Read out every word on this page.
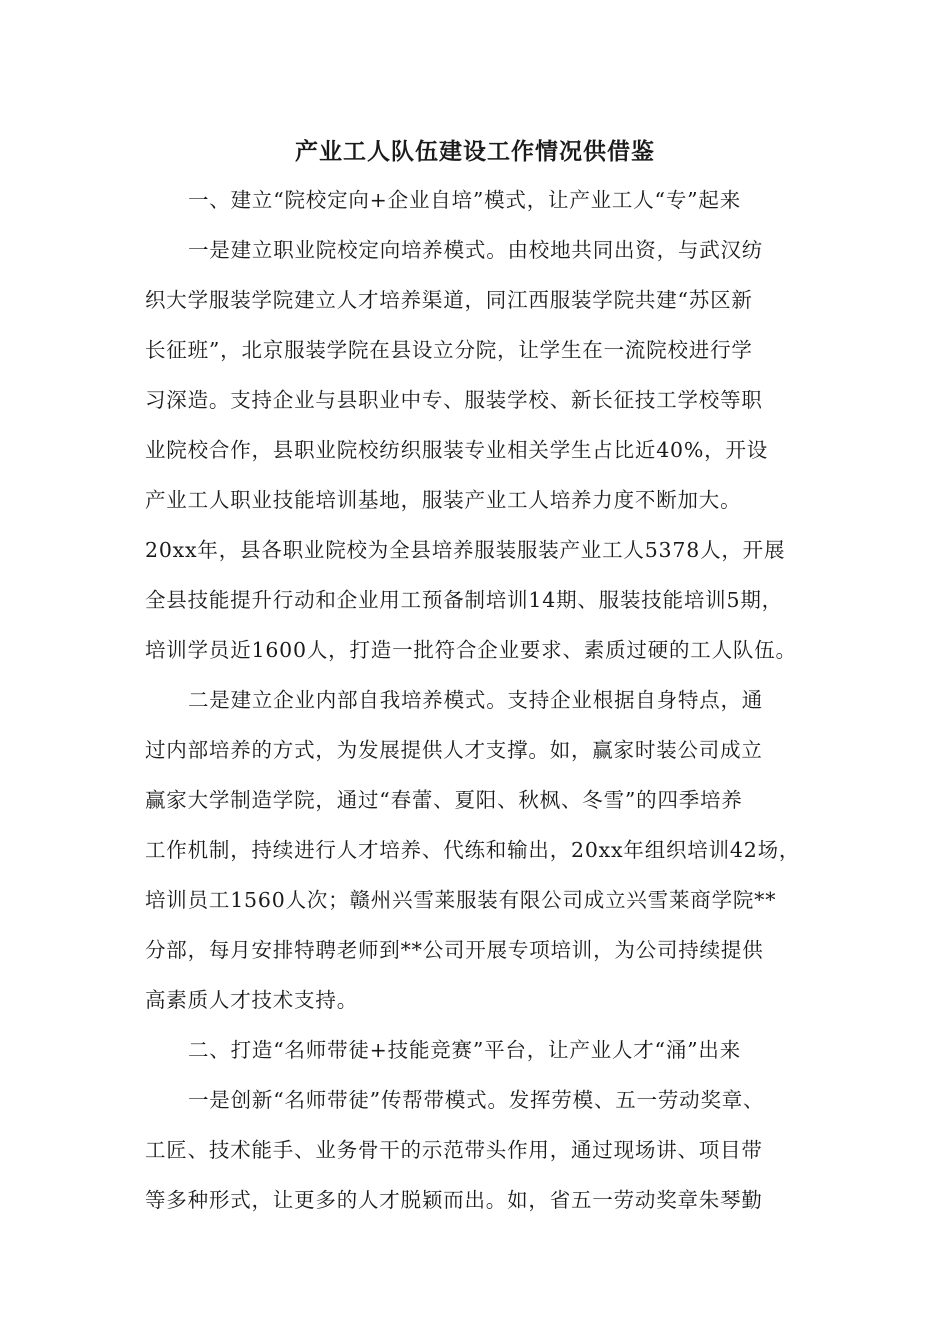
产业工人队伍建设工作情况供借鉴
一、建立“院校定向+企业自培”模式，让产业工人“专”起来
一是建立职业院校定向培养模式。由校地共同出资，与武汉纺
织大学服装学院建立人才培养渠道，同江西服装学院共建“苏区新
长征班”，北京服装学院在县设立分院，让学生在一流院校进行学
习深造。支持企业与县职业中专、服装学校、新长征技工学校等职
业院校合作，县职业院校纺织服装专业相关学生占比近40%，开设
产业工人职业技能培训基地，服装产业工人培养力度不断加大。
20xx年，县各职业院校为全县培养服装服装产业工人5378人，开展
全县技能提升行动和企业用工预备制培训14期、服装技能培训5期，
培训学员近1600人，打造一批符合企业要求、素质过硬的工人队伍。
二是建立企业内部自我培养模式。支持企业根据自身特点，通
过内部培养的方式，为发展提供人才支撑。如，赢家时装公司成立
赢家大学制造学院，通过“春蕾、夏阳、秋枫、冬雪”的四季培养
工作机制，持续进行人才培养、代练和输出，20xx年组织培训42场，
培训员工1560人次；赣州兴雪莱服装有限公司成立兴雪莱商学院**
分部，每月安排特聘老师到**公司开展专项培训，为公司持续提供
高素质人才技术支持。
二、打造“名师带徒+技能竞赛”平台，让产业人才“涌”出来
一是创新“名师带徒”传帮带模式。发挥劳模、五一劳动奖章、
工匠、技术能手、业务骨干的示范带头作用，通过现场讲、项目带
等多种形式，让更多的人才脱颖而出。如，省五一劳动奖章朱琴勤
